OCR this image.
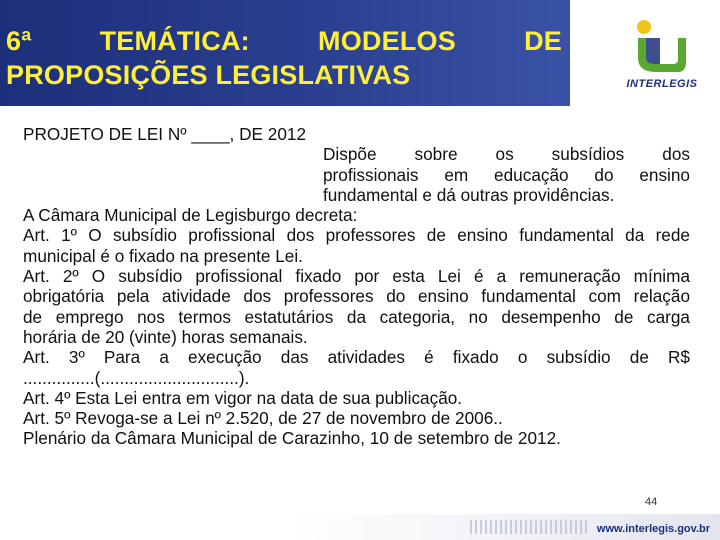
6ª	TEMÁTICA:	MODELOS	DE
PROPOSIÇÕES LEGISLATIVAS	INTERLEGIS
PROJETO DE LEI Nº ____, DE 2012
Dispõe sobre os subsídios dos
profissionais em educação do ensino
fundamental e dá outras providências.
A Câmara Municipal de Legisburgo decreta:
Art. 1º O subsídio profissional dos professores de ensino fundamental da rede
municipal é o fixado na presente Lei.
Art. 2º O subsídio profissional fixado por esta Lei é a remuneração mínima
obrigatória pela atividade dos professores do ensino fundamental com relação
de emprego nos termos estatutários da categoria, no desempenho de carga
horária de 20 (vinte) horas semanais.
Art. 3º Para a execução das atividades é fixado o subsídio de R$
...............(.............................).
Art. 4º Esta Lei entra em vigor na data de sua publicação.
Art. 5º Revoga-se a Lei nº 2.520, de 27 de novembro de 2006..
Plenário da Câmara Municipal de Carazinho, 10 de setembro de 2012.
44
www.interlegis.gov.br
